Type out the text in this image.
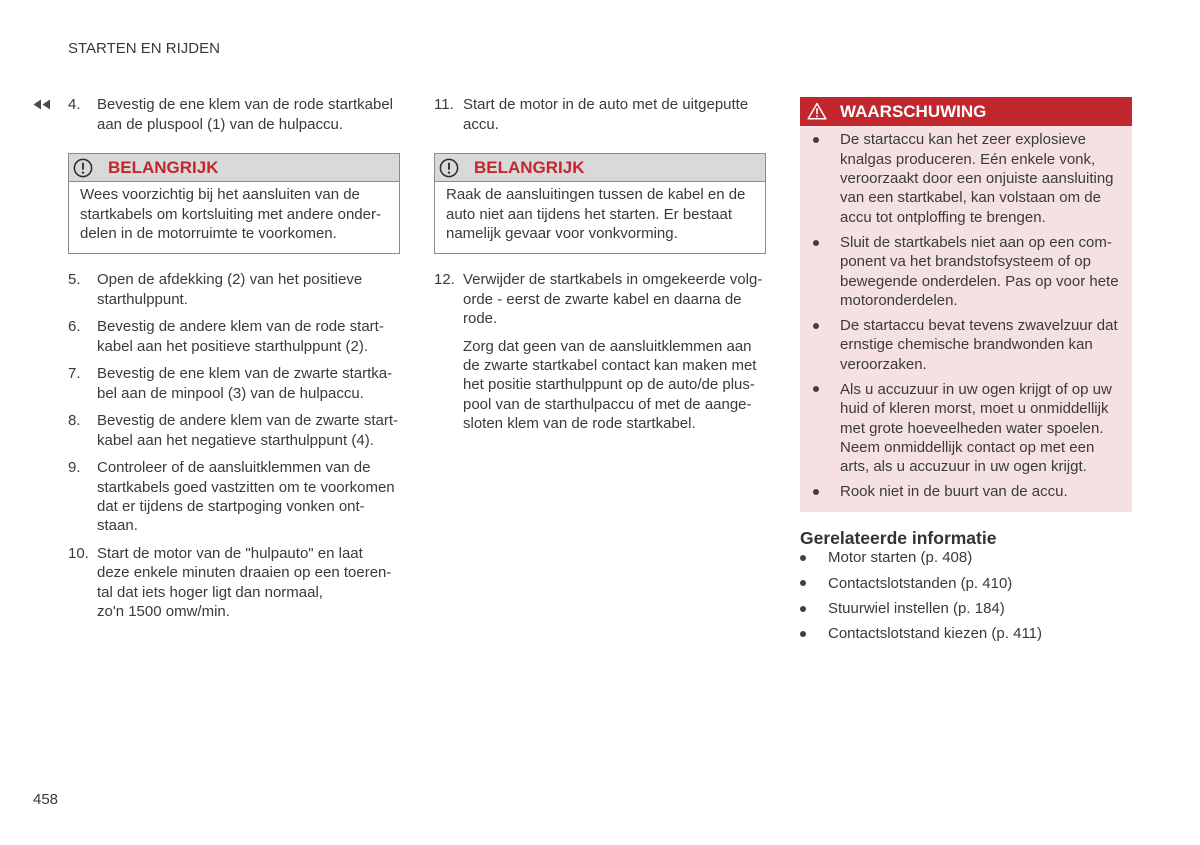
STARTEN EN RIJDEN
4. Bevestig de ene klem van de rode startkabel
aan de pluspool (1) van de hulpaccu.
BELANGRIJK
Wees voorzichtig bij het aansluiten van de
startkabels om kortsluiting met andere onder-
delen in de motorruimte te voorkomen.
5. Open de afdekking (2) van het positieve
starthulppunt.
6. Bevestig de andere klem van de rode start-
kabel aan het positieve starthulppunt (2).
7. Bevestig de ene klem van de zwarte startka-
bel aan de minpool (3) van de hulpaccu.
8. Bevestig de andere klem van de zwarte start-
kabel aan het negatieve starthulppunt (4).
9. Controleer of de aansluitklemmen van de
startkabels goed vastzitten om te voorkomen
dat er tijdens de startpoging vonken ont-
staan.
10. Start de motor van de "hulpauto" en laat
deze enkele minuten draaien op een toeren-
tal dat iets hoger ligt dan normaal,
zo'n 1500 omw/min.
11. Start de motor in de auto met de uitgeputte
accu.
BELANGRIJK
Raak de aansluitingen tussen de kabel en de
auto niet aan tijdens het starten. Er bestaat
namelijk gevaar voor vonkvorming.
12. Verwijder de startkabels in omgekeerde volg-
orde - eerst de zwarte kabel en daarna de
rode.
Zorg dat geen van de aansluitklemmen aan
de zwarte startkabel contact kan maken met
het positie starthulppunt op de auto/de plus-
pool van de starthulpaccu of met de aange-
sloten klem van de rode startkabel.
WAARSCHUWING
De startaccu kan het zeer explosieve
knalgas produceren. Eén enkele vonk,
veroorzaakt door een onjuiste aansluiting
van een startkabel, kan volstaan om de
accu tot ontploffing te brengen.
Sluit de startkabels niet aan op een com-
ponent va het brandstofsysteem of op
bewegende onderdelen. Pas op voor hete
motoronderdelen.
De startaccu bevat tevens zwavelzuur dat
ernstige chemische brandwonden kan
veroorzaken.
Als u accuzuur in uw ogen krijgt of op uw
huid of kleren morst, moet u onmiddellijk
met grote hoeveelheden water spoelen.
Neem onmiddellijk contact op met een
arts, als u accuzuur in uw ogen krijgt.
Rook niet in de buurt van de accu.
Gerelateerde informatie
Motor starten (p. 408)
Contactslotstanden (p. 410)
Stuurwiel instellen (p. 184)
Contactslotstand kiezen (p. 411)
458
